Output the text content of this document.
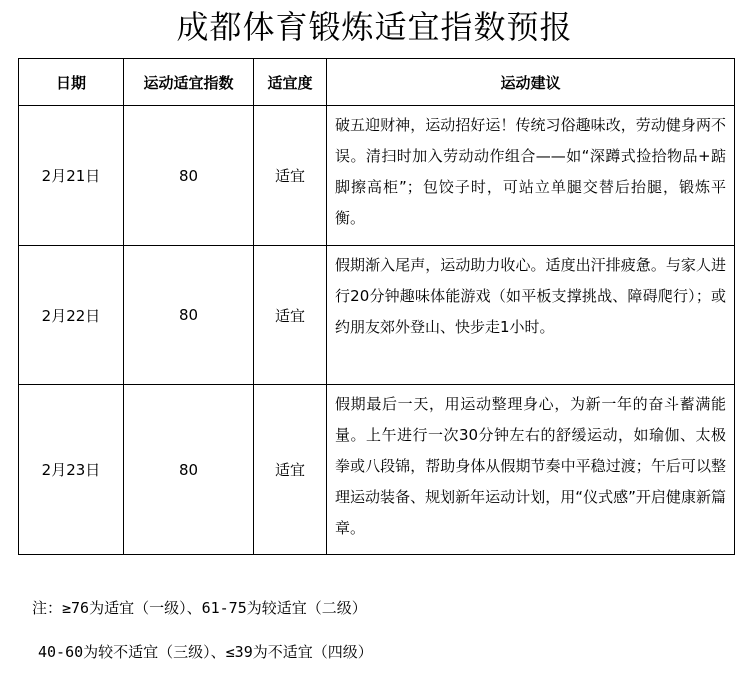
成都体育锻炼适宜指数预报
日期	运动适宜指数	适宜度	运动建议
2月21日	80	适宜	破五迎财神，运动招好运！传统习俗趣味改，劳动健身两不误。清扫时加入劳动动作组合——如“深蹲式捡拾物品+踮脚擦高柜”；包饺子时，可站立单腿交替后抬腿，锻炼平衡。
2月22日	80	适宜	假期渐入尾声，运动助力收心。适度出汗排疲惫。与家人进行20分钟趣味体能游戏（如平板支撑挑战、障碍爬行）；或约朋友郊外登山、快步走1小时。
2月23日	80	适宜	假期最后一天，用运动整理身心，为新一年的奋斗蓄满能量。上午进行一次30分钟左右的舒缓运动，如瑜伽、太极拳或八段锦，帮助身体从假期节奏中平稳过渡；午后可以整理运动装备、规划新年运动计划，用“仪式感”开启健康新篇章。
注：≥76为适宜（一级）、61-75为较适宜（二级）
40-60为较不适宜（三级）、≤39为不适宜（四级）
